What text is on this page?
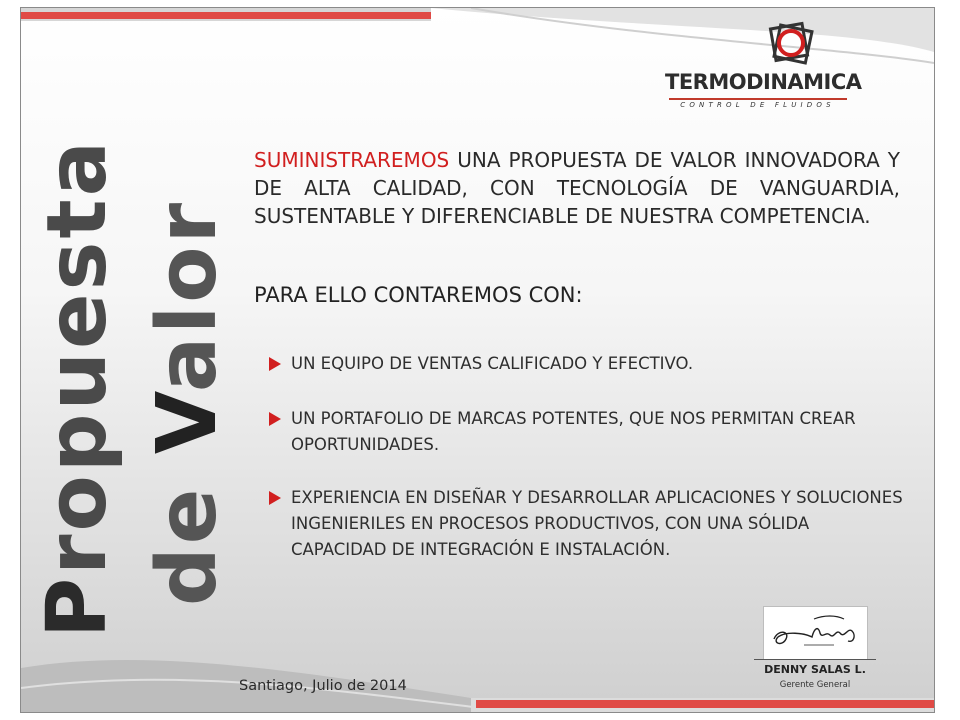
Propuesta de Valor
TERMODINAMICA
CONTROL DE FLUIDOS
SUMINISTRAREMOS UNA PROPUESTA DE VALOR INNOVADORA Y DE ALTA CALIDAD, CON TECNOLOGÍA DE VANGUARDIA, SUSTENTABLE Y DIFERENCIABLE DE NUESTRA COMPETENCIA.
PARA ELLO CONTAREMOS CON:
UN EQUIPO DE VENTAS CALIFICADO Y EFECTIVO.
UN PORTAFOLIO DE MARCAS POTENTES, QUE NOS PERMITAN CREAR OPORTUNIDADES.
EXPERIENCIA EN DISEÑAR Y DESARROLLAR APLICACIONES Y SOLUCIONES INGENIERILES EN PROCESOS PRODUCTIVOS, CON UNA SÓLIDA CAPACIDAD DE INTEGRACIÓN E INSTALACIÓN.
Santiago, Julio de 2014
DENNY SALAS L.
Gerente General
